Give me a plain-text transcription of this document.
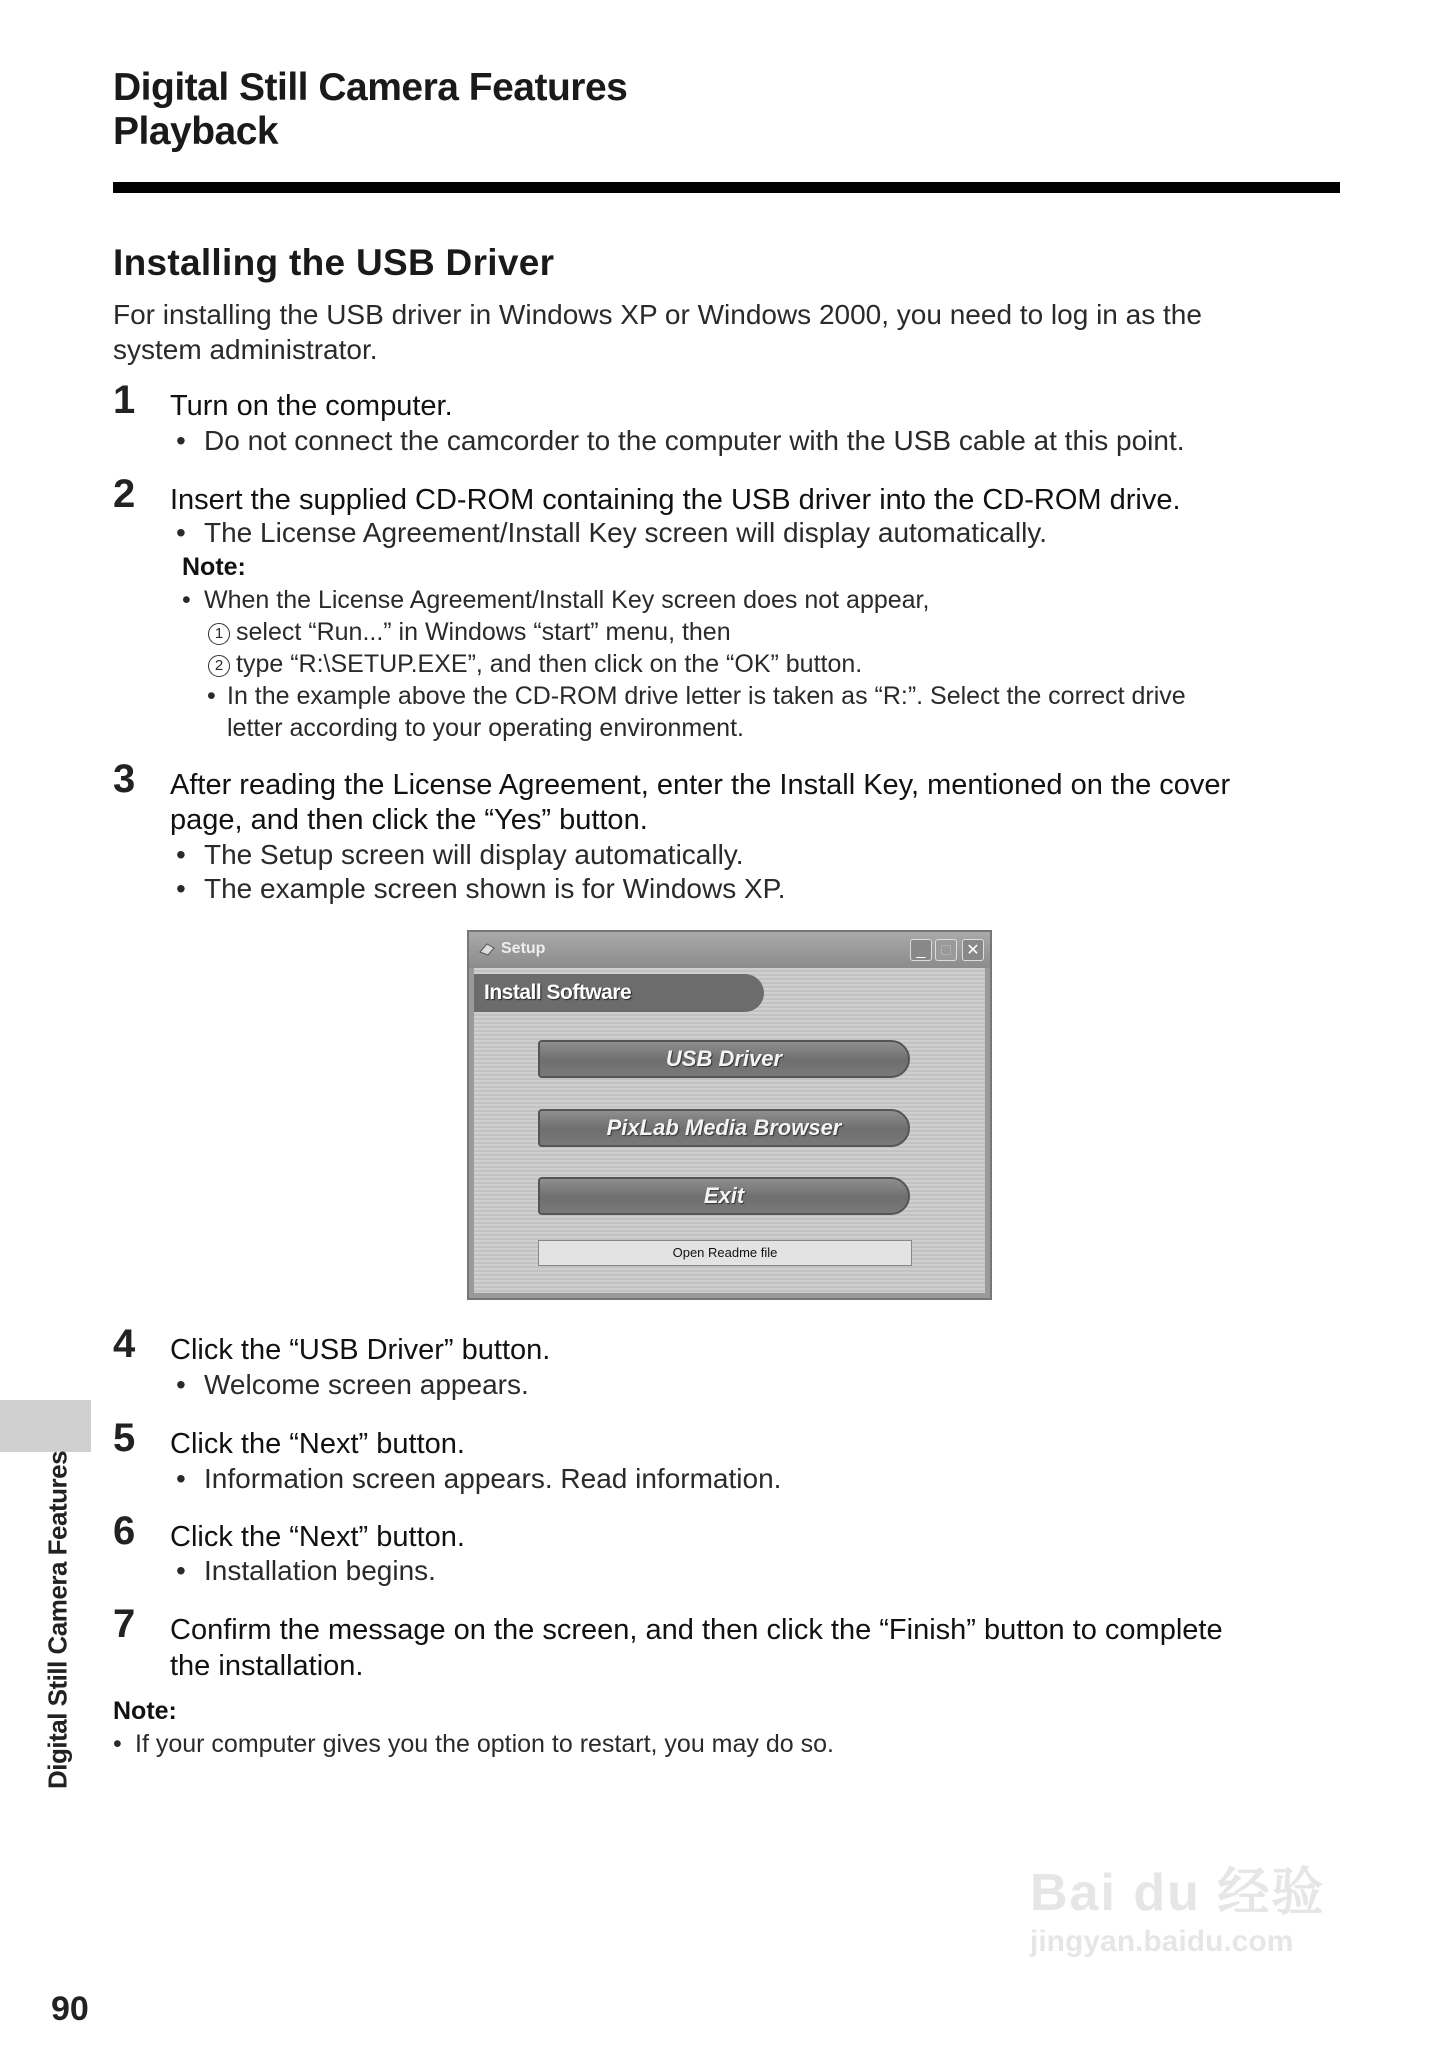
Digital Still Camera Features
Playback
Installing the USB Driver
For installing the USB driver in Windows XP or Windows 2000, you need to log in as the
system administrator.
1 Turn on the computer.
• Do not connect the camcorder to the computer with the USB cable at this point.
2 Insert the supplied CD-ROM containing the USB driver into the CD-ROM drive.
• The License Agreement/Install Key screen will display automatically.
Note:
• When the License Agreement/Install Key screen does not appear,
1 select “Run...” in Windows “start” menu, then
2 type “R:\SETUP.EXE”, and then click on the “OK” button.
• In the example above the CD-ROM drive letter is taken as “R:”. Select the correct drive
letter according to your operating environment.
3 After reading the License Agreement, enter the Install Key, mentioned on the cover
page, and then click the “Yes” button.
• The Setup screen will display automatically.
• The example screen shown is for Windows XP.
Setup	_ □ ✕
Install Software
USB Driver
PixLab Media Browser
Exit
Open Readme file
4 Click the “USB Driver” button.
• Welcome screen appears.
5 Click the “Next” button.
• Information screen appears. Read information.
6 Click the “Next” button.
• Installation begins.
7 Confirm the message on the screen, and then click the “Finish” button to complete
the installation.
Note:
• If your computer gives you the option to restart, you may do so.
Digital Still Camera Features
90
Bai du 经验
jingyan.baidu.com
